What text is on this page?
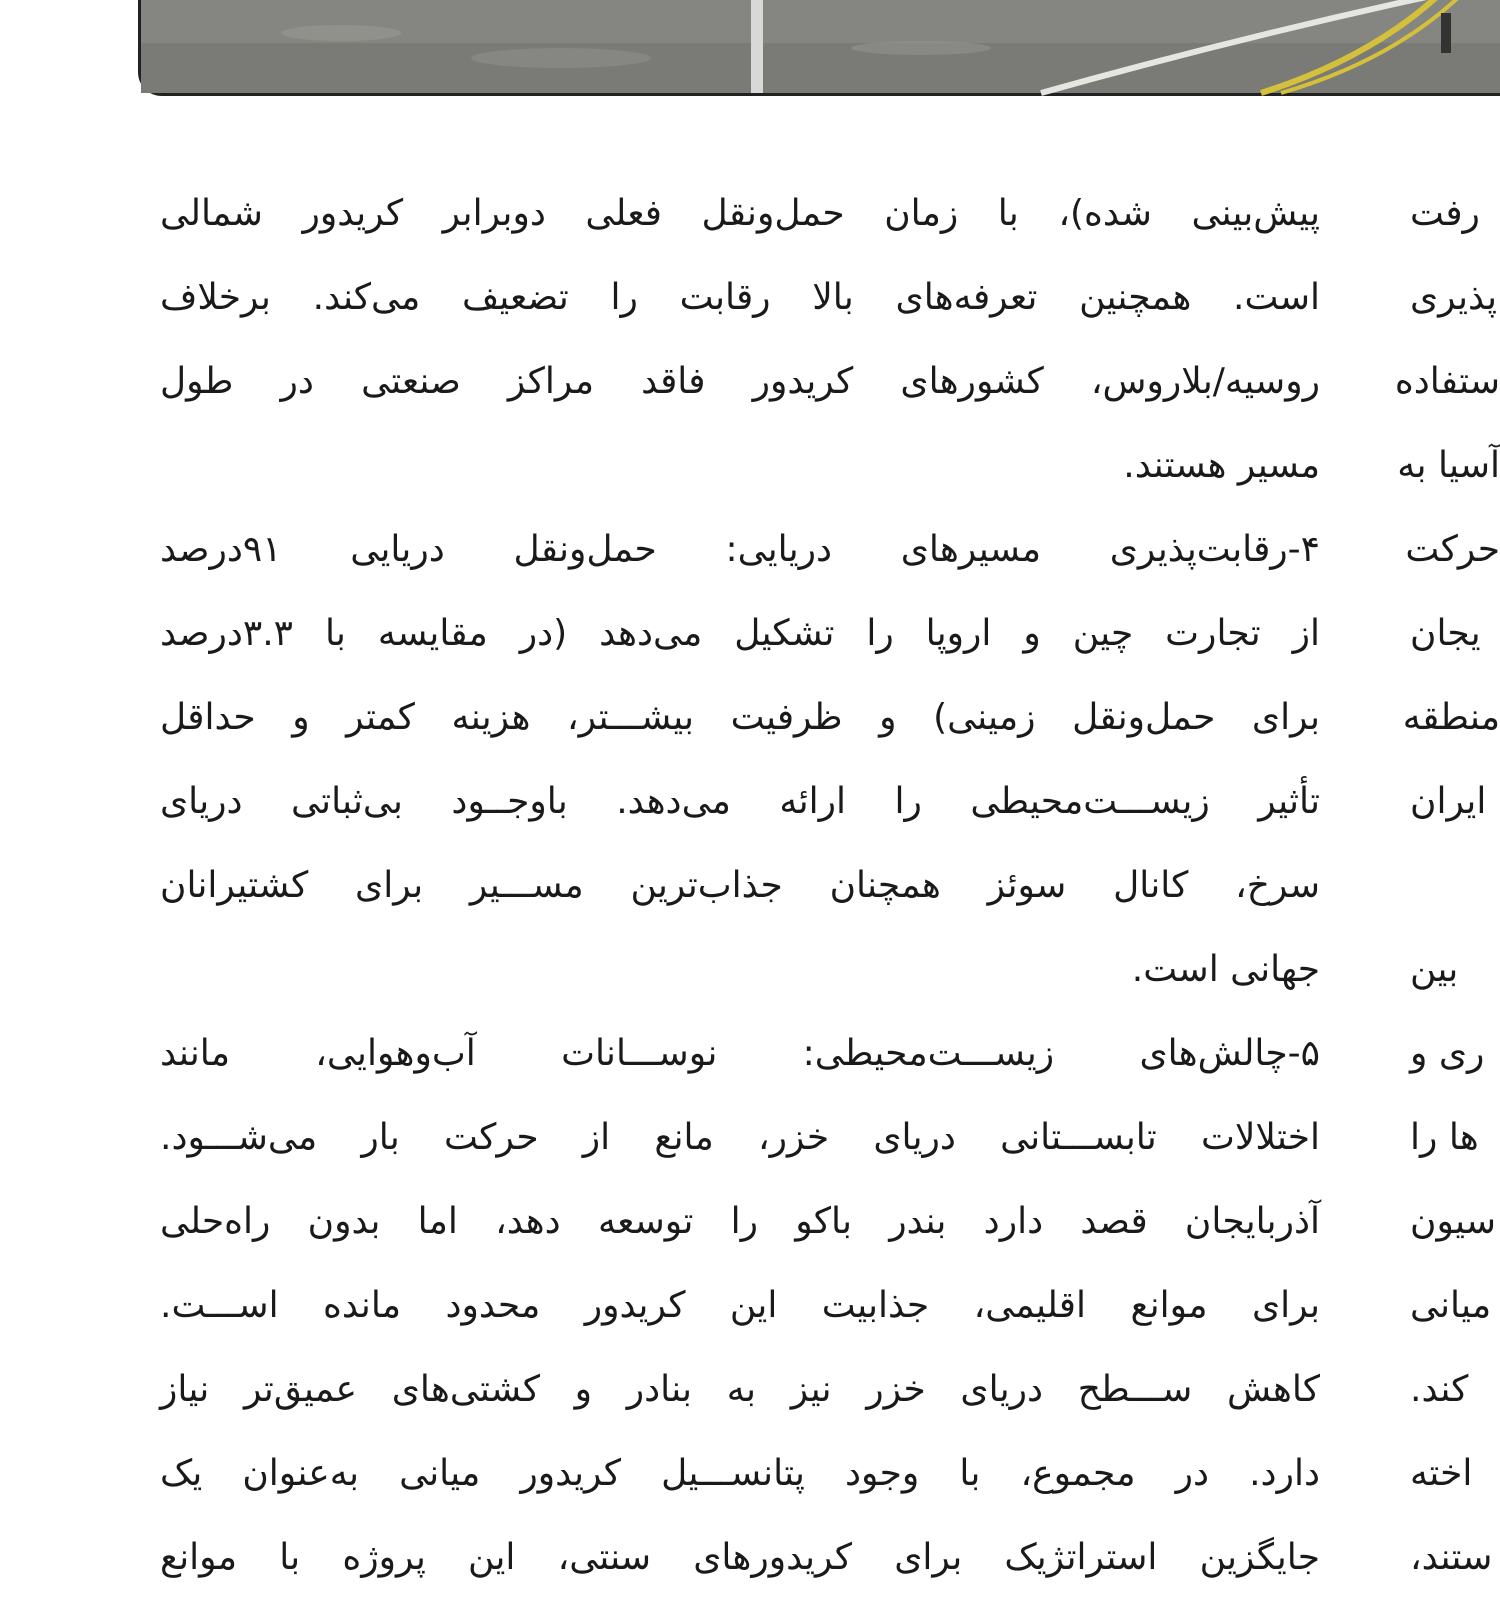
پیش‌بینی شده)، با زمان حمل‌ونقل فعلی دوبرابر کریدور شمالی
است. همچنین تعرفه‌های بالا رقابت را تضعیف می‌کند. برخلاف
روسیه/بلاروس، کشورهای کریدور فاقد مراکز صنعتی در طول
مسیر هستند.
۴-رقابت‌پذیری مسیرهای دریایی: حمل‌ونقل دریایی ۹۱درصد
از تجارت چین و اروپا را تشکیل می‌دهد (در مقایسه با ۳.۳درصد
برای حمل‌ونقل زمینی) و ظرفیت بیشـــتر، هزینه کمتر و حداقل
تأثیر زیســـت‌محیطی را ارائه می‌دهد. باوجــود بی‌ثباتی دریای
سرخ، کانال سوئز همچنان جذاب‌ترین مســـیر برای کشتیرانان
جهانی است.
۵-چالش‌های زیســـت‌محیطی: نوســـانات آب‌وهوایی، مانند
اختلالات تابســـتانی دریای خزر، مانع از حرکت بار می‌شـــود.
آذربایجان قصد دارد بندر باکو را توسعه دهد، اما بدون راه‌حلی
برای موانع اقلیمی، جذابیت این کریدور محدود مانده اســـت.
کاهش ســـطح دریای خزر نیز به بنادر و کشتی‌های عمیق‌تر نیاز
دارد. در مجموع، با وجود پتانســـیل کریدور میانی به‌عنوان یک
جایگزین استراتژیک برای کریدورهای سنتی، این پروژه با موانع
رفت
پذیری
ستفاده
آسیا به
حرکت
یجان
منطقه
ایران
بین
ری و
ها را
سیون
میانی
کند.
اخته
ستند،
